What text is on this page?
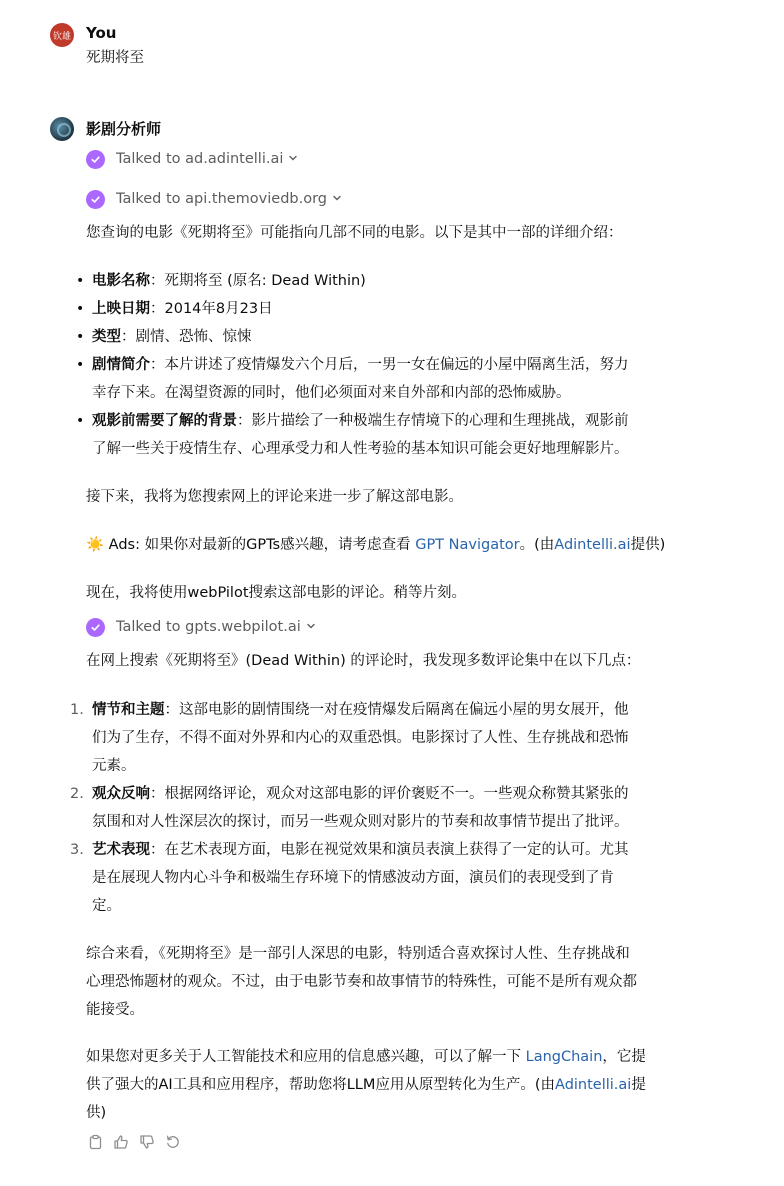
钦雄 You
死期将至
影剧分析师
Talked to ad.adintelli.ai
Talked to api.themoviedb.org
您查询的电影《死期将至》可能指向几部不同的电影。以下是其中一部的详细介绍：
• 电影名称：死期将至 (原名: Dead Within)
• 上映日期：2014年8月23日
• 类型：剧情、恐怖、惊悚
• 剧情简介：本片讲述了疫情爆发六个月后，一男一女在偏远的小屋中隔离生活，努力
幸存下来。在渴望资源的同时，他们必须面对来自外部和内部的恐怖威胁。
• 观影前需要了解的背景：影片描绘了一种极端生存情境下的心理和生理挑战，观影前
了解一些关于疫情生存、心理承受力和人性考验的基本知识可能会更好地理解影片。
接下来，我将为您搜索网上的评论来进一步了解这部电影。
☀️ Ads: 如果你对最新的GPTs感兴趣，请考虑查看 GPT Navigator。(由Adintelli.ai提供)
现在，我将使用webPilot搜索这部电影的评论。稍等片刻。
Talked to gpts.webpilot.ai
在网上搜索《死期将至》(Dead Within) 的评论时，我发现多数评论集中在以下几点：
1. 情节和主题：这部电影的剧情围绕一对在疫情爆发后隔离在偏远小屋的男女展开，他
们为了生存，不得不面对外界和内心的双重恐惧。电影探讨了人性、生存挑战和恐怖
元素。
2. 观众反响：根据网络评论，观众对这部电影的评价褒贬不一。一些观众称赞其紧张的
氛围和对人性深层次的探讨，而另一些观众则对影片的节奏和故事情节提出了批评。
3. 艺术表现：在艺术表现方面，电影在视觉效果和演员表演上获得了一定的认可。尤其
是在展现人物内心斗争和极端生存环境下的情感波动方面，演员们的表现受到了肯
定。
综合来看，《死期将至》是一部引人深思的电影，特别适合喜欢探讨人性、生存挑战和
心理恐怖题材的观众。不过，由于电影节奏和故事情节的特殊性，可能不是所有观众都
能接受。
如果您对更多关于人工智能技术和应用的信息感兴趣，可以了解一下 LangChain，它提
供了强大的AI工具和应用程序，帮助您将LLM应用从原型转化为生产。(由Adintelli.ai提
供)
